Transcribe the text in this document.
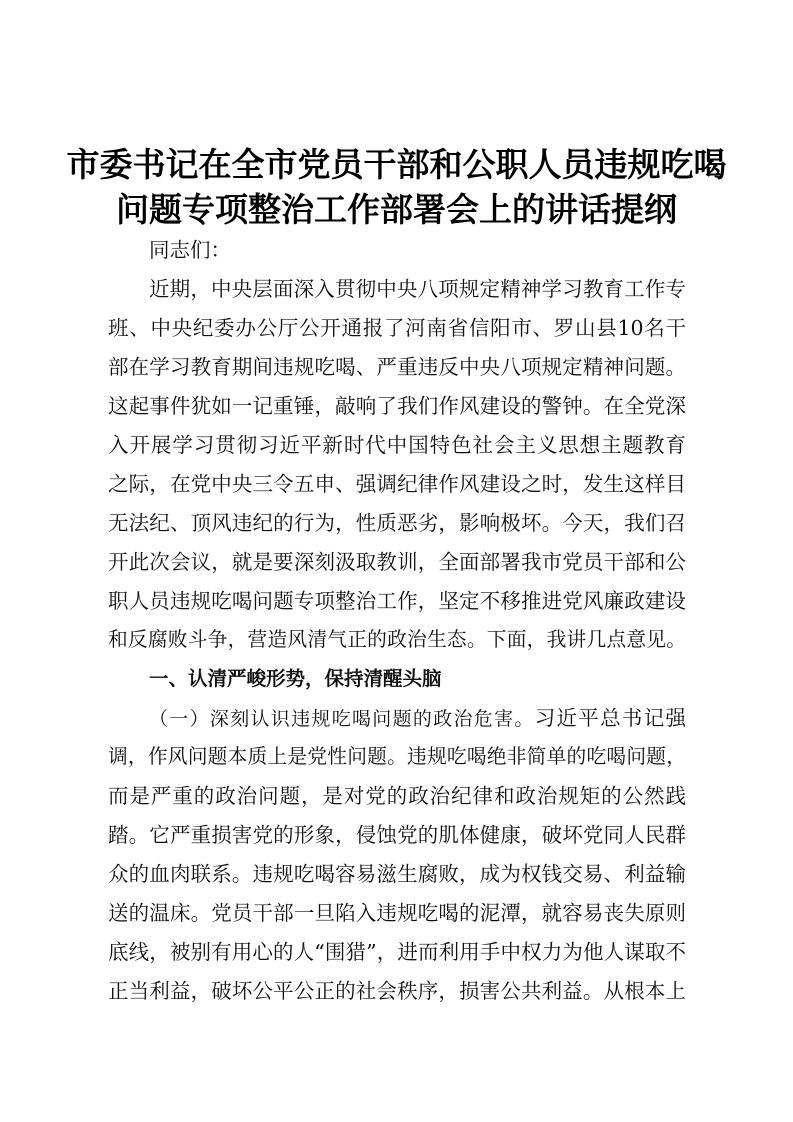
市委书记在全市党员干部和公职人员违规吃喝
问题专项整治工作部署会上的讲话提纲
同志们：
近期，中央层面深入贯彻中央八项规定精神学习教育工作专
班、中央纪委办公厅公开通报了河南省信阳市、罗山县10名干
部在学习教育期间违规吃喝、严重违反中央八项规定精神问题。
这起事件犹如一记重锤，敲响了我们作风建设的警钟。在全党深
入开展学习贯彻习近平新时代中国特色社会主义思想主题教育
之际，在党中央三令五申、强调纪律作风建设之时，发生这样目
无法纪、顶风违纪的行为，性质恶劣，影响极坏。今天，我们召
开此次会议，就是要深刻汲取教训，全面部署我市党员干部和公
职人员违规吃喝问题专项整治工作，坚定不移推进党风廉政建设
和反腐败斗争，营造风清气正的政治生态。下面，我讲几点意见。
一、认清严峻形势，保持清醒头脑
（一）深刻认识违规吃喝问题的政治危害。习近平总书记强
调，作风问题本质上是党性问题。违规吃喝绝非简单的吃喝问题，
而是严重的政治问题，是对党的政治纪律和政治规矩的公然践
踏。它严重损害党的形象，侵蚀党的肌体健康，破坏党同人民群
众的血肉联系。违规吃喝容易滋生腐败，成为权钱交易、利益输
送的温床。党员干部一旦陷入违规吃喝的泥潭，就容易丧失原则
底线，被别有用心的人“围猎”，进而利用手中权力为他人谋取不
正当利益，破坏公平公正的社会秩序，损害公共利益。从根本上
